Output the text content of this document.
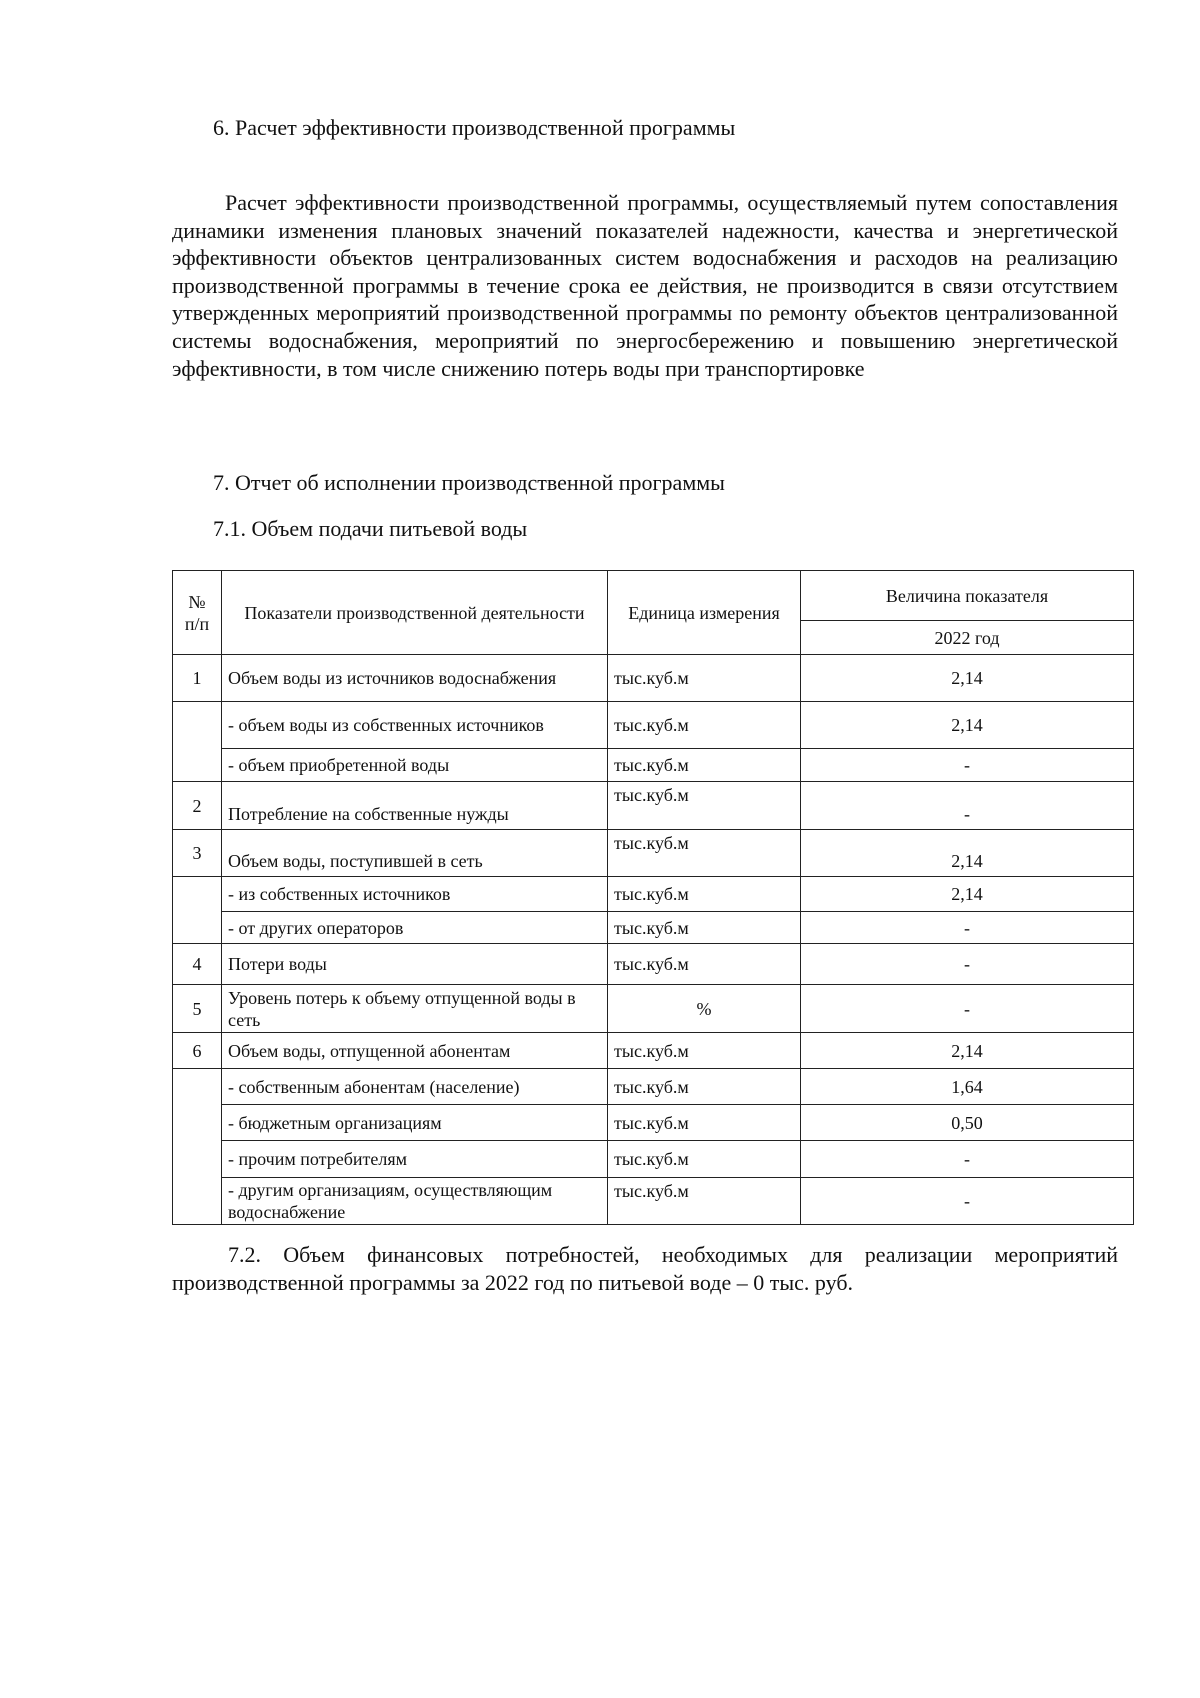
6. Расчет эффективности производственной программы

Расчет эффективности производственной программы, осуществляемый путем сопоставления динамики изменения плановых значений показателей надежности, качества и энергетической эффективности объектов централизованных систем водоснабжения и расходов на реализацию производственной программы в течение срока ее действия, не производится в связи отсутствием утвержденных мероприятий производственной программы по ремонту объектов централизованной системы водоснабжения, мероприятий по энергосбережению и повышению энергетической эффективности, в том числе снижению потерь воды при транспортировке

7. Отчет об исполнении производственной программы
7.1. Объем подачи питьевой воды
№ п/п	Показатели производственной деятельности	Единица измерения	Величина показателя
			2022 год
1	Объем воды из источников водоснабжения	тыс.куб.м	2,14
	- объем воды из собственных источников	тыс.куб.м	2,14
	- объем приобретенной воды	тыс.куб.м	-
2	Потребление на собственные нужды	тыс.куб.м	-
3	Объем воды, поступившей в сеть	тыс.куб.м	2,14
	- из собственных источников	тыс.куб.м	2,14
	- от других операторов	тыс.куб.м	-
4	Потери воды	тыс.куб.м	-
5	Уровень потерь к объему отпущенной воды в сеть	%	-
6	Объем воды, отпущенной абонентам	тыс.куб.м	2,14
	- собственным абонентам (население)	тыс.куб.м	1,64
	- бюджетным организациям	тыс.куб.м	0,50
	- прочим потребителям	тыс.куб.м	-
	- другим организациям, осуществляющим водоснабжение	тыс.куб.м	-

7.2. Объем финансовых потребностей, необходимых для реализации мероприятий производственной программы за 2022 год по питьевой воде – 0 тыс. руб.
